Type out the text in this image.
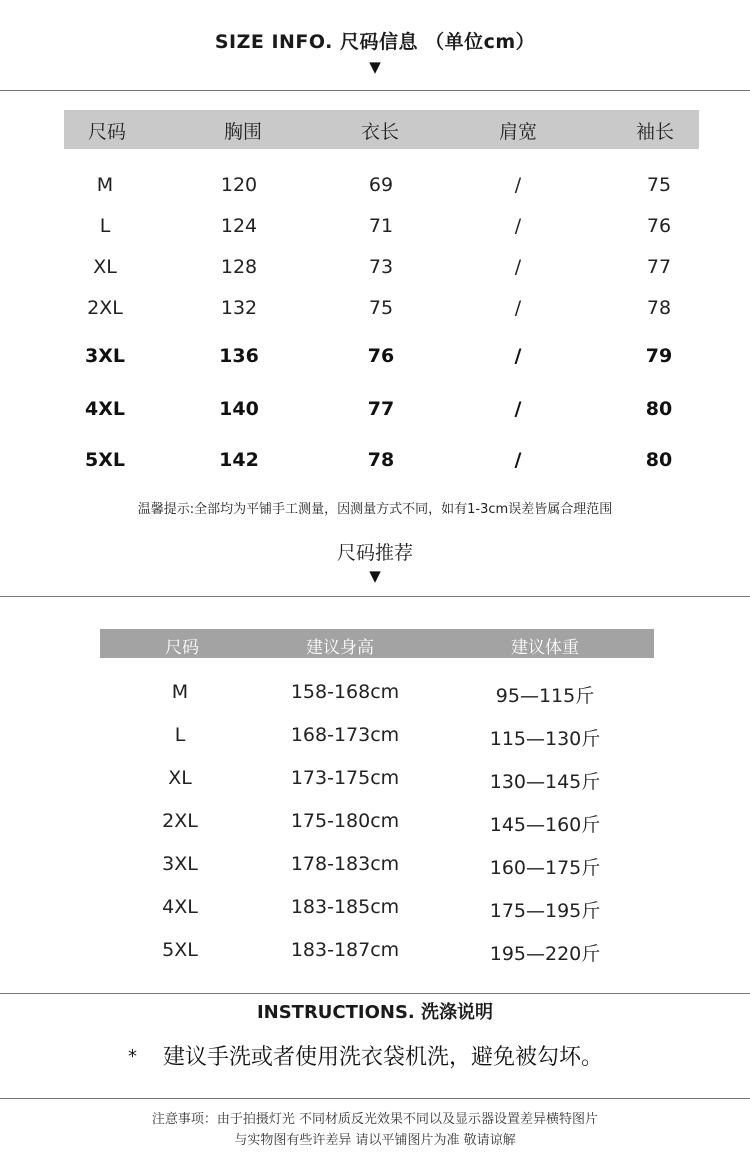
SIZE INFO. 尺码信息 （单位cm）
▼
尺码	胸围	衣长	肩宽	袖长
M	120	69	/	75
L	124	71	/	76
XL	128	73	/	77
2XL	132	75	/	78
3XL	136	76	/	79
4XL	140	77	/	80
5XL	142	78	/	80
温馨提示:全部均为平铺手工测量，因测量方式不同，如有1-3cm误差皆属合理范围
尺码推荐
▼
尺码	建议身高	建议体重
M	158-168cm	95—115斤
L	168-173cm	115—130斤
XL	173-175cm	130—145斤
2XL	175-180cm	145—160斤
3XL	178-183cm	160—175斤
4XL	183-185cm	175—195斤
5XL	183-187cm	195—220斤
INSTRUCTIONS. 洗涤说明
* 建议手洗或者使用洗衣袋机洗，避免被勾坏。
注意事项：由于拍摄灯光 不同材质反光效果不同以及显示器设置差异横特图片
与实物图有些许差异 请以平铺图片为准 敬请谅解
